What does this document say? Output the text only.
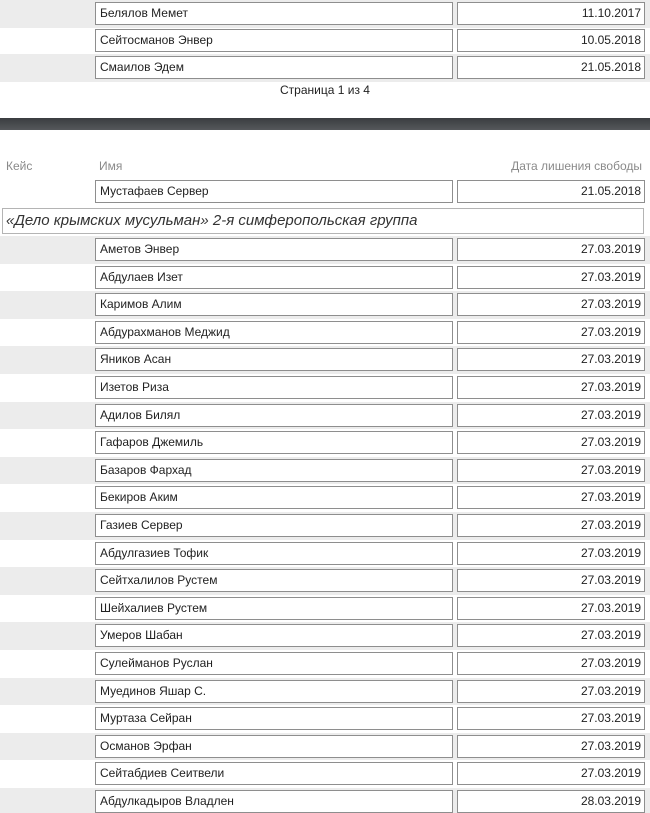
Белялов Мемет	11.10.2017
Сейтосманов Энвер	10.05.2018
Смаилов Эдем	21.05.2018
Страница 1 из 4
Кейс	Имя	Дата лишения свободы
Мустафаев Сервер	21.05.2018
«Дело крымских мусульман» 2-я симферопольская группа
Аметов Энвер	27.03.2019
Абдулаев Изет	27.03.2019
Каримов Алим	27.03.2019
Абдурахманов Меджид	27.03.2019
Яников Асан	27.03.2019
Изетов Риза	27.03.2019
Адилов Билял	27.03.2019
Гафаров Джемиль	27.03.2019
Базаров Фархад	27.03.2019
Бекиров Аким	27.03.2019
Газиев Сервер	27.03.2019
Абдулгазиев Тофик	27.03.2019
Сейтхалилов Рустем	27.03.2019
Шейхалиев Рустем	27.03.2019
Умеров Шабан	27.03.2019
Сулейманов Руслан	27.03.2019
Муединов Яшар С.	27.03.2019
Муртаза Сейран	27.03.2019
Османов Эрфан	27.03.2019
Сейтабдиев Сеитвели	27.03.2019
Абдулкадыров Владлен	28.03.2019
